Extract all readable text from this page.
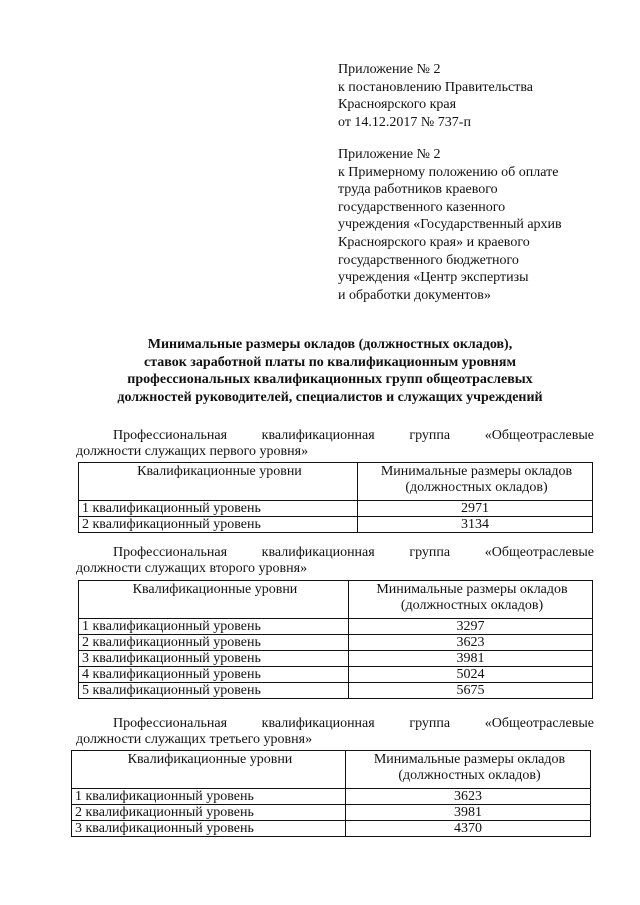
Приложение № 2
к постановлению Правительства
Красноярского края
от 14.12.2017 № 737-п
Приложение № 2
к Примерному положению об оплате
труда работников краевого
государственного казенного
учреждения «Государственный архив
Красноярского края» и краевого
государственного бюджетного
учреждения «Центр экспертизы
и обработки документов»
Минимальные размеры окладов (должностных окладов),
ставок заработной платы по квалификационным уровням
профессиональных квалификационных групп общеотраслевых
должностей руководителей, специалистов и служащих учреждений
Профессиональная квалификационная группа «Общеотраслевые
должности служащих первого уровня»
Квалификационные уровни	Минимальные размеры окладов
(должностных окладов)
1 квалификационный уровень	2971
2 квалификационный уровень	3134
Профессиональная квалификационная группа «Общеотраслевые
должности служащих второго уровня»
Квалификационные уровни	Минимальные размеры окладов
(должностных окладов)
1 квалификационный уровень	3297
2 квалификационный уровень	3623
3 квалификационный уровень	3981
4 квалификационный уровень	5024
5 квалификационный уровень	5675
Профессиональная квалификационная группа «Общеотраслевые
должности служащих третьего уровня»
Квалификационные уровни	Минимальные размеры окладов
(должностных окладов)
1 квалификационный уровень	3623
2 квалификационный уровень	3981
3 квалификационный уровень	4370
